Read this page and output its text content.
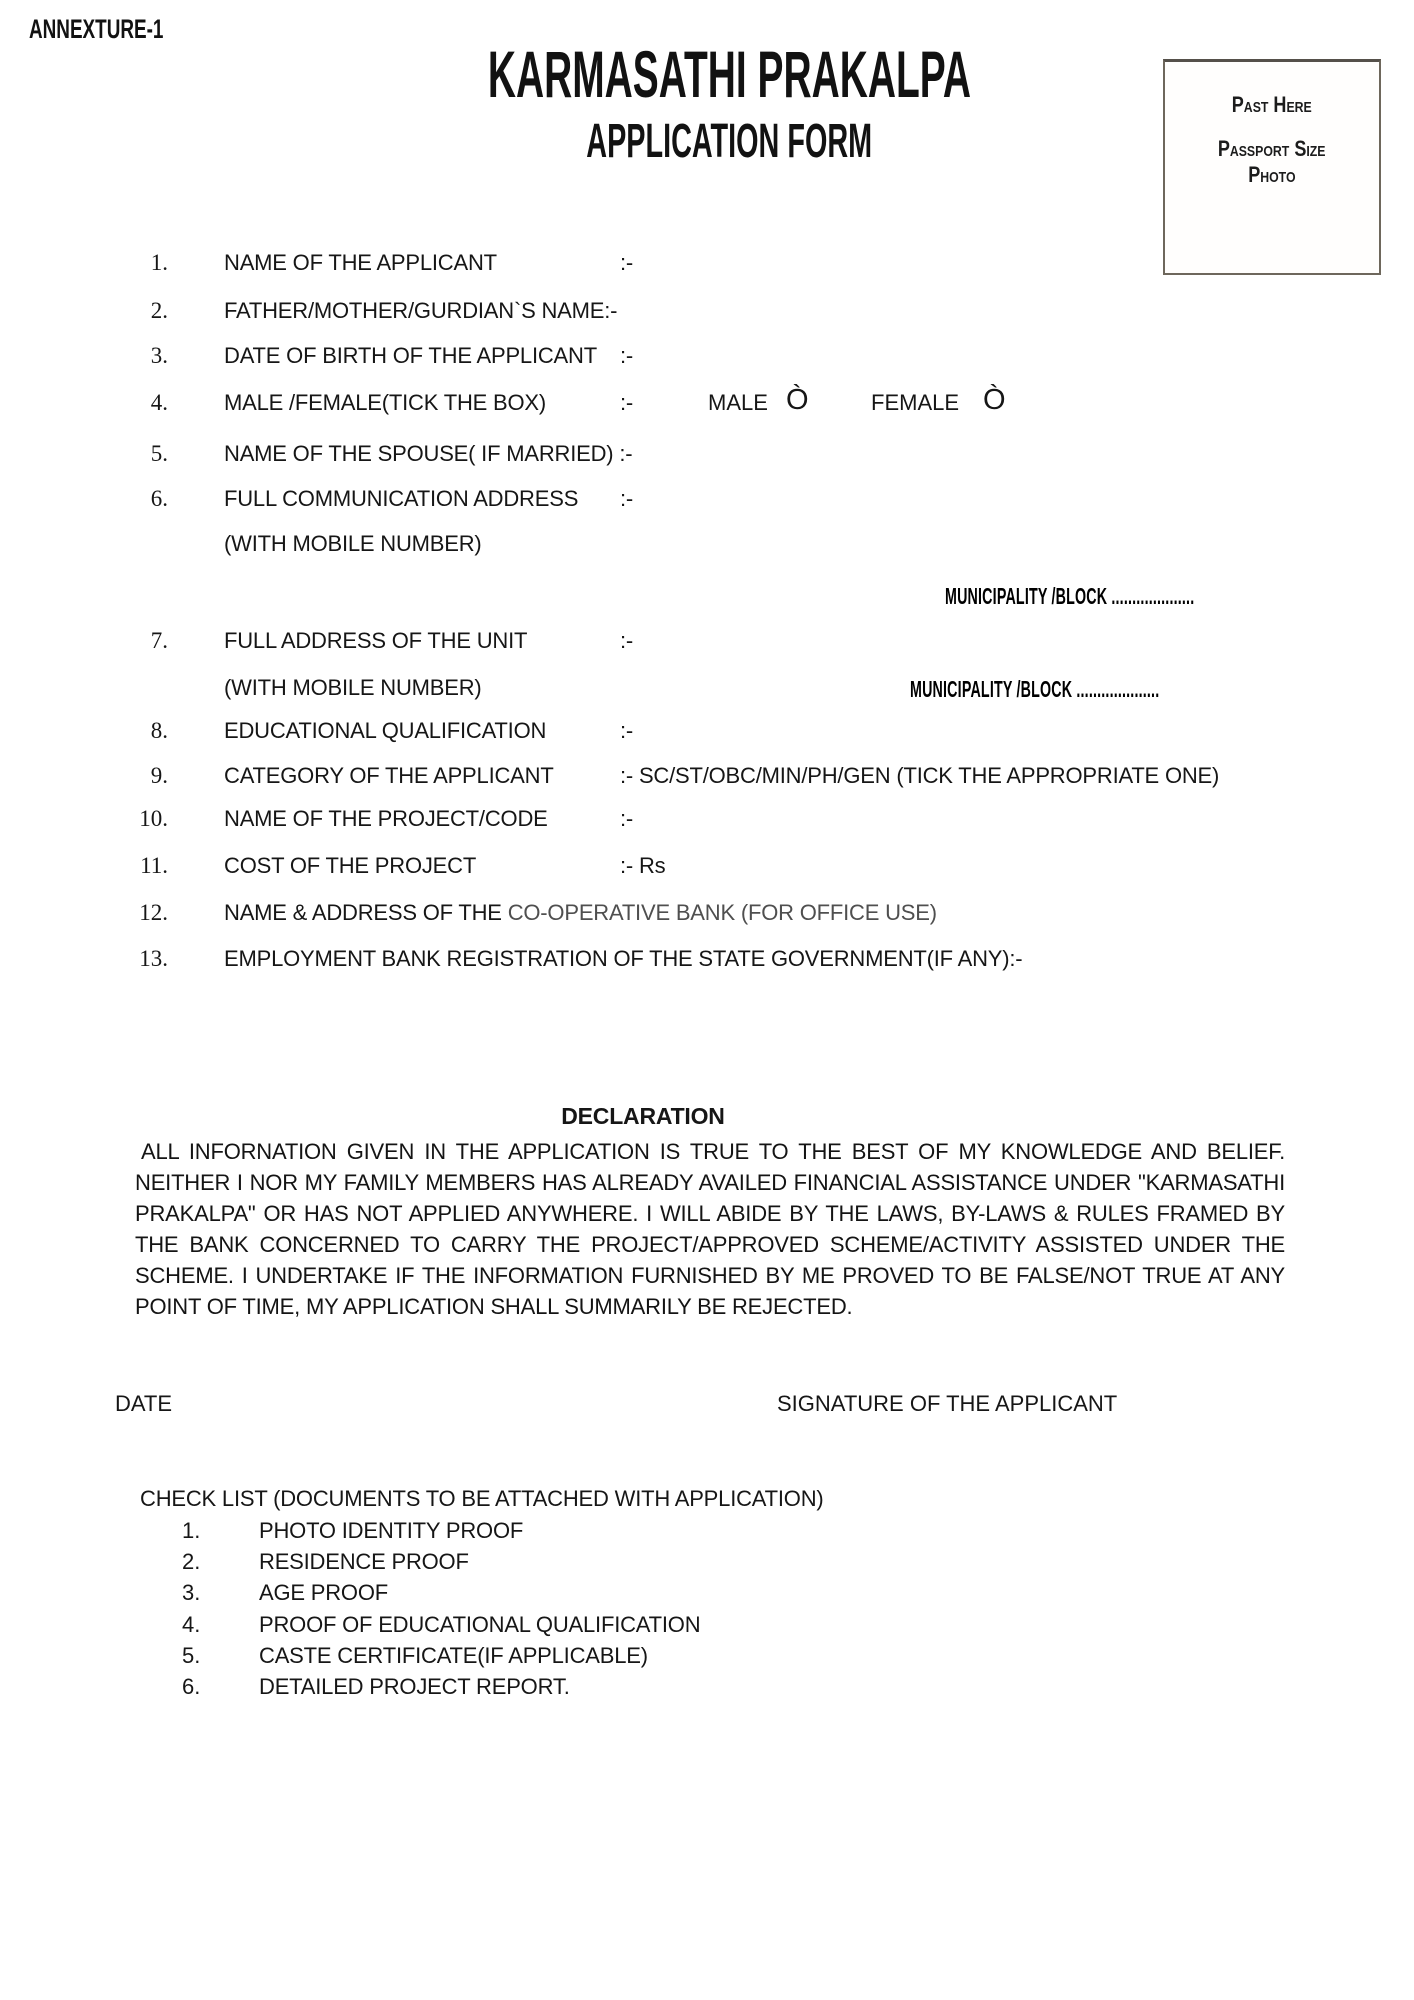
ANNEXTURE-1
KARMASATHI PRAKALPA
APPLICATION FORM
Past Here
Passport Size
Photo
1.	NAME OF THE APPLICANT	:-
2.	FATHER/MOTHER/GURDIAN`S NAME:-
3.	DATE OF BIRTH OF THE APPLICANT :-
4.	MALE /FEMALE(TICK THE BOX)	:-	MALE Ò	FEMALE Ò
5.	NAME OF THE SPOUSE( IF MARRIED) :-
6.	FULL COMMUNICATION ADDRESS :-
(WITH MOBILE NUMBER)
MUNICIPALITY /BLOCK ....................
7.	FULL ADDRESS OF THE UNIT	:-
(WITH MOBILE NUMBER)	MUNICIPALITY /BLOCK ....................
8.	EDUCATIONAL QUALIFICATION	:-
9.	CATEGORY OF THE APPLICANT	:- SC/ST/OBC/MIN/PH/GEN (TICK THE APPROPRIATE ONE)
10.	NAME OF THE PROJECT/CODE	:-
11.	COST OF THE PROJECT	:- Rs
12.	NAME & ADDRESS OF THE CO-OPERATIVE BANK (FOR OFFICE USE)
13.	EMPLOYMENT BANK REGISTRATION OF THE STATE GOVERNMENT(IF ANY):-
DECLARATION
ALL INFORNATION GIVEN IN THE APPLICATION IS TRUE TO THE BEST OF MY KNOWLEDGE AND BELIEF. NEITHER I NOR MY FAMILY MEMBERS HAS ALREADY AVAILED FINANCIAL ASSISTANCE UNDER "KARMASATHI PRAKALPA" OR HAS NOT APPLIED ANYWHERE. I WILL ABIDE BY THE LAWS, BY-LAWS & RULES FRAMED BY THE BANK CONCERNED TO CARRY THE PROJECT/APPROVED SCHEME/ACTIVITY ASSISTED UNDER THE SCHEME. I UNDERTAKE IF THE INFORMATION FURNISHED BY ME PROVED TO BE FALSE/NOT TRUE AT ANY POINT OF TIME, MY APPLICATION SHALL SUMMARILY BE REJECTED.
DATE	SIGNATURE OF THE APPLICANT
CHECK LIST (DOCUMENTS TO BE ATTACHED WITH APPLICATION)
1.	PHOTO IDENTITY PROOF
2.	RESIDENCE PROOF
3.	AGE PROOF
4.	PROOF OF EDUCATIONAL QUALIFICATION
5.	CASTE CERTIFICATE(IF APPLICABLE)
6.	DETAILED PROJECT REPORT.
